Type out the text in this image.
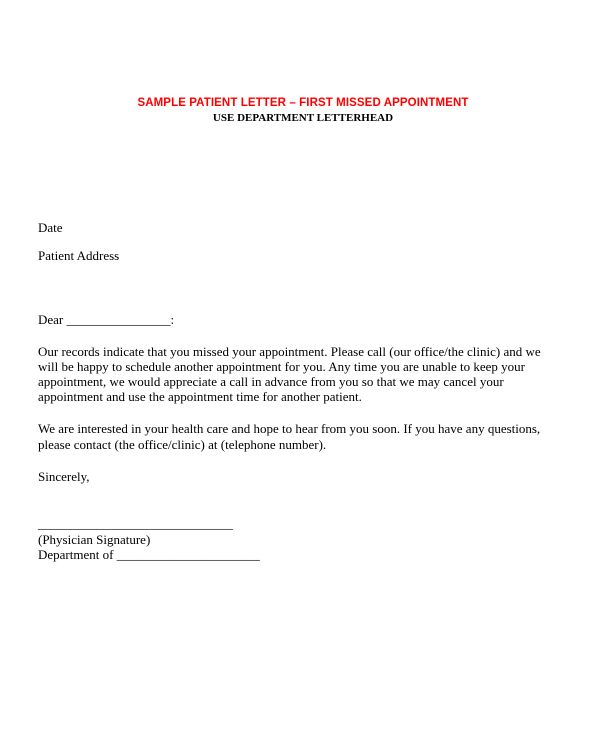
SAMPLE PATIENT LETTER – FIRST MISSED APPOINTMENT
USE DEPARTMENT LETTERHEAD
Date
Patient Address
Dear ________________:
Our records indicate that you missed your appointment. Please call (our office/the clinic) and we
will be happy to schedule another appointment for you. Any time you are unable to keep your
appointment, we would appreciate a call in advance from you so that we may cancel your
appointment and use the appointment time for another patient.
We are interested in your health care and hope to hear from you soon. If you have any questions,
please contact (the office/clinic) at (telephone number).
Sincerely,
______________________________
(Physician Signature)
Department of ______________________
